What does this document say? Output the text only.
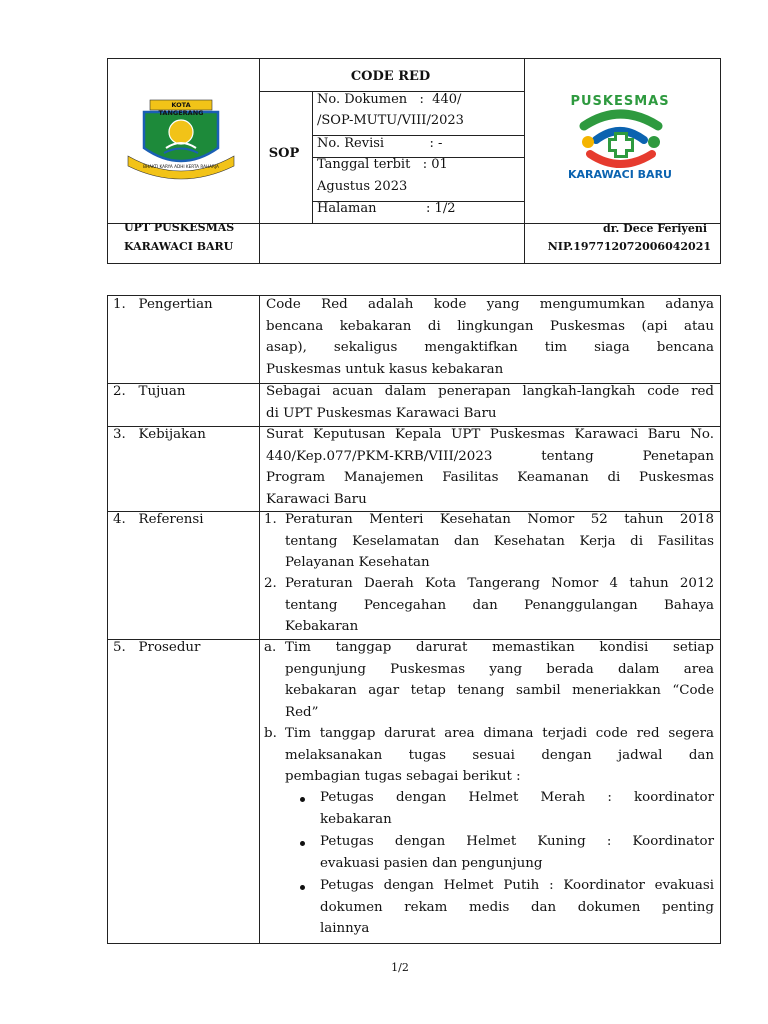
KOTA TANGERANG
BHAKTI KARYA ADHI KERTA RAHARJA
CODE RED
SOP
No. Dokumen   :  440/
/SOP-MUTU/VIII/2023
No. Revisi           : -
Tanggal terbit   : 01
Agustus 2023
Halaman            : 1/2
PUSKESMAS
KARAWACI BARU
UPT PUSKESMAS
KARAWACI BARU
dr. Dece Feriyeni
NIP.197712072006042021
1.   Pengertian
2.   Tujuan
3.   Kebijakan
4.   Referensi
5.   Prosedur
Code Red adalah kode yang mengumumkan adanya
bencana kebakaran di lingkungan Puskesmas (api atau
asap), sekaligus mengaktifkan tim siaga bencana
Puskesmas untuk kasus kebakaran
Sebagai acuan dalam penerapan langkah-langkah code red
di UPT Puskesmas Karawaci Baru
Surat Keputusan Kepala UPT Puskesmas Karawaci Baru No.
440/Kep.077/PKM-KRB/VIII/2023 tentang Penetapan
Program Manajemen Fasilitas Keamanan di Puskesmas
Karawaci Baru
1. Peraturan Menteri Kesehatan Nomor 52 tahun 2018
tentang Keselamatan dan Kesehatan Kerja di Fasilitas
Pelayanan Kesehatan
2. Peraturan Daerah Kota Tangerang Nomor 4 tahun 2012
tentang Pencegahan dan Penanggulangan Bahaya
Kebakaran
a. Tim tanggap darurat memastikan kondisi setiap
pengunjung Puskesmas yang berada dalam area
kebakaran agar tetap tenang sambil meneriakkan “Code
Red”
b. Tim tanggap darurat area dimana terjadi code red segera
melaksanakan tugas sesuai dengan jadwal dan
pembagian tugas sebagai berikut :
Petugas dengan Helmet Merah : koordinator
kebakaran
Petugas dengan Helmet Kuning : Koordinator
evakuasi pasien dan pengunjung
Petugas dengan Helmet Putih : Koordinator evakuasi
dokumen rekam medis dan dokumen penting
lainnya
1/2
